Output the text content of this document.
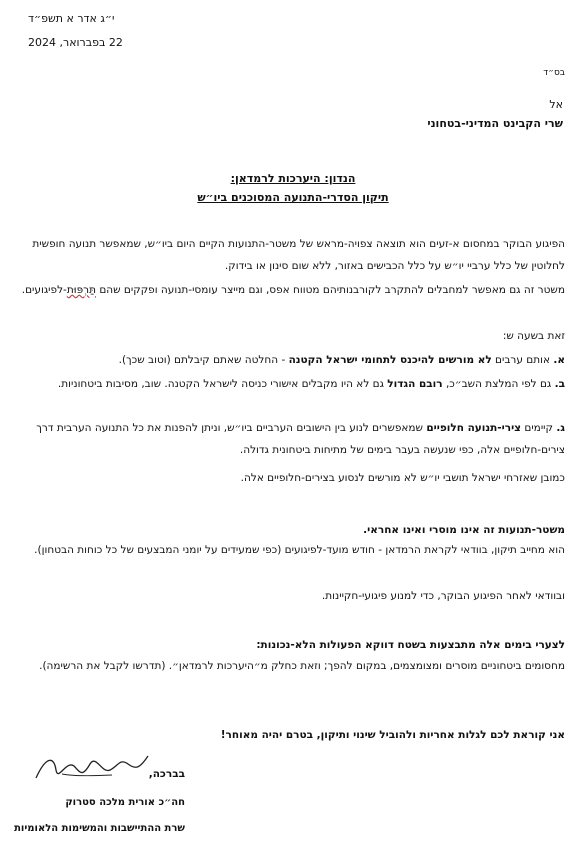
י״ג אדר א תשפ״ד
22 בפברואר, 2024
בס״ד
אל
שרי הקבינט המדיני-בטחוני
הנדון: היערכות לרמדאן:
תיקון הסדרי-התנועה המסוכנים ביו״ש
הפיגוע הבוקר במחסום א-זעים הוא תוצאה צפויה-מראש של משטר-התנועות הקיים היום ביו״ש, שמאפשר תנועה חופשית לחלוטין של כלל ערביי יו״ש על כלל הכבישים באזור, ללא שום סינון או בידוק.
משטר זה גם מאפשר למחבלים להתקרב לקורבנותיהם מטווח אפס, וגם מייצר עומסי-תנועה ופקקים שהם תַּרְפּוּת-לפיגועים.
זאת בשעה ש:
א. אותם ערבים לא מורשים להיכנס לתחומי ישראל הקטנה - החלטה שאתם קיבלתם (וטוב שכך).
ב. גם לפי המלצת השב״כ, רובם הגדול גם לא היו מקבלים אישורי כניסה לישראל הקטנה. שוב, מסיבות ביטחוניות.
ג. קיימים צירי-תנועה חלופיים שמאפשרים לנוע בין הישובים הערביים ביו״ש, וניתן להפנות את כל התנועה הערבית דרך צירים-חלופיים אלה, כפי שנעשה בעבר בימים של מתיחות ביטחונית גדולה.
כמובן שאזרחי ישראל תושבי יו״ש לא מורשים לנסוע בצירים-חלופיים אלה.
משטר-תנועות זה אינו מוסרי ואינו אחראי.
הוא מחייב תיקון, בוודאי לקראת הרמדאן - חודש מועד-לפיגועים (כפי שמעידים על יומני המבצעים של כל כוחות הבטחון).
ובוודאי לאחר הפיגוע הבוקר, כדי למנוע פיגועי-חקיינות.
לצערי בימים אלה מתבצעות בשטח דווקא הפעולות הלא-נכונות:
מחסומים ביטחוניים מוסרים ומצומצמים, במקום להפך; וזאת כחלק מ״היערכות לרמדאן״. (תדרשו לקבל את הרשימה).
אני קוראת לכם לגלות אחריות ולהוביל שינוי ותיקון, בטרם יהיה מאוחר!
בברכה,
חה״כ אורית מלכה סטרוק
שרת ההתיישבות והמשימות הלאומיות
